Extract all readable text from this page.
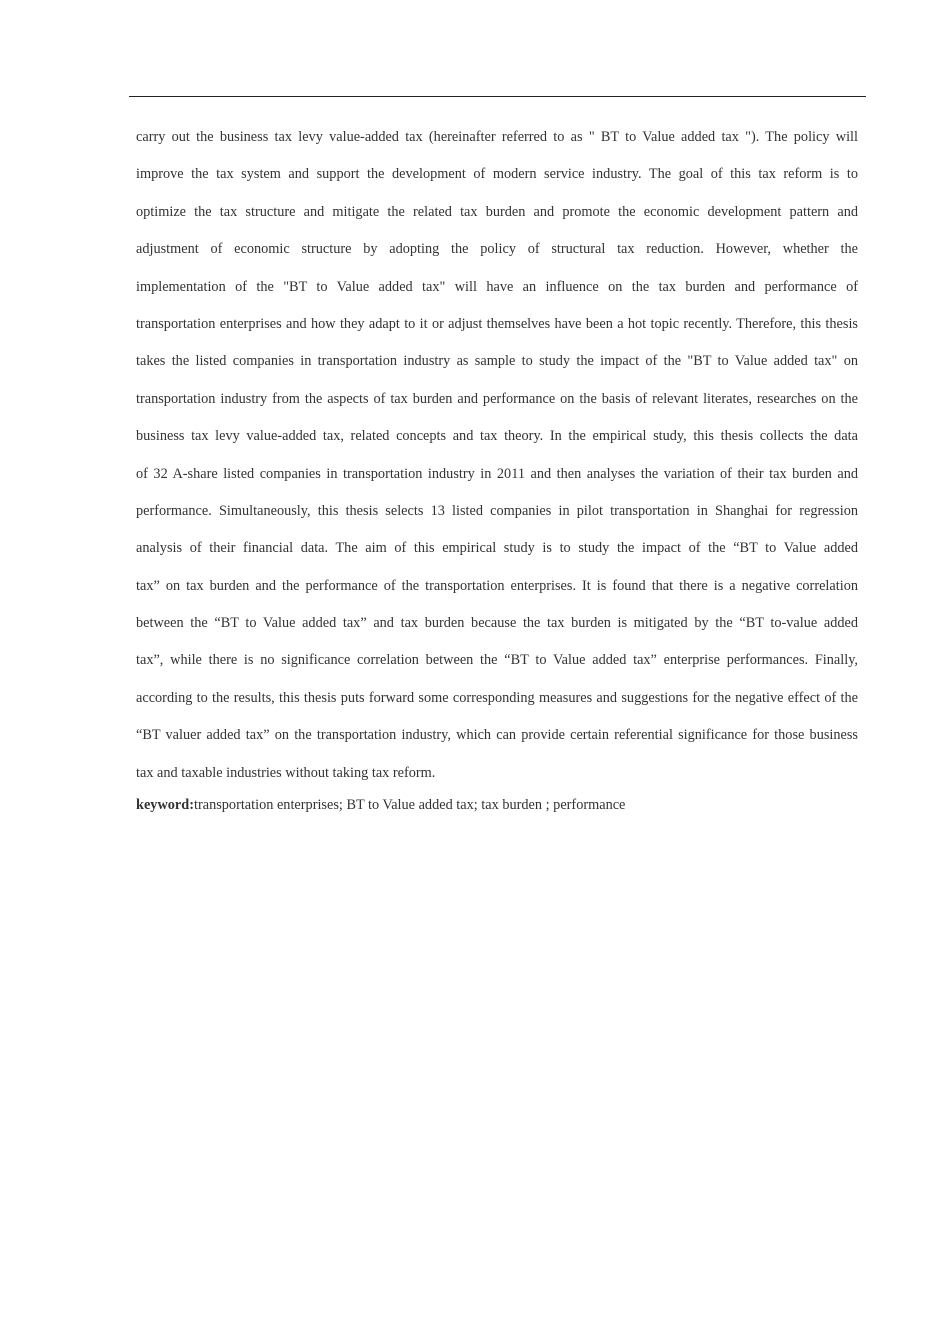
carry out the business tax levy value-added tax (hereinafter referred to as " BT to Value added tax "). The policy will
improve the tax system and support the development of modern service industry. The goal of this tax reform is to
optimize the tax structure and mitigate the related tax burden and promote the economic development pattern and
adjustment of economic structure by adopting the policy of structural tax reduction. However, whether the
implementation of the "BT to Value added tax" will have an influence on the tax burden and performance of
transportation enterprises and how they adapt to it or adjust themselves have been a hot topic recently. Therefore, this thesis
takes the listed companies in transportation industry as sample to study the impact of the "BT to Value added tax" on
transportation industry from the aspects of tax burden and performance on the basis of relevant literates, researches on the
business tax levy value-added tax, related concepts and tax theory. In the empirical study, this thesis collects the data
of 32 A-share listed companies in transportation industry in 2011 and then analyses the variation of their tax burden and
performance. Simultaneously, this thesis selects 13 listed companies in pilot transportation in Shanghai for regression
analysis of their financial data. The aim of this empirical study is to study the impact of the “BT to Value added
tax” on tax burden and the performance of the transportation enterprises. It is found that there is a negative correlation
between the “BT to Value added tax” and tax burden because the tax burden is mitigated by the “BT to-value added
tax”, while there is no significance correlation between the “BT to Value added tax” enterprise performances. Finally,
according to the results, this thesis puts forward some corresponding measures and suggestions for the negative effect of the
“BT valuer added tax” on the transportation industry, which can provide certain referential significance for those business
tax and taxable industries without taking tax reform.
keyword:transportation enterprises; BT to Value added tax; tax burden ; performance
